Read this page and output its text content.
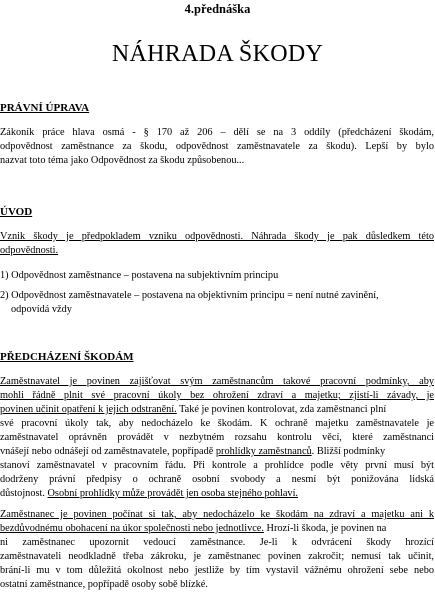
4.přednáška
NÁHRADA ŠKODY
PRÁVNÍ ÚPRAVA
Zákoník práce hlava osmá - § 170 až 206 – dělí se na 3 oddíly (předcházení škodám,
odpovědnost zaměstnance za škodu, odpovědnost zaměstnavatele za škodu). Lepší by bylo
nazvat toto téma jako Odpovědnost za škodu způsobenou...
ÚVOD
Vznik škody je předpokladem vzniku odpovědnosti. Náhrada škody je pak důsledkem této
odpovědnosti.
1) Odpovědnost zaměstnance – postavena na subjektivním principu
2) Odpovědnost zaměstnavatele – postavena na objektivním principu = není nutné zavinění,
odpovídá vždy
PŘEDCHÁZENÍ ŠKODÁM
Zaměstnavatel je povinen zajišťovat svým zaměstnancům takové pracovní podmínky, aby
mohli řádně plnit své pracovní úkoly bez ohrožení zdraví a majetku; zjistí-li závady, je
povinen učinit opatření k jejich odstranění. Také je povinen kontrolovat, zda zaměstnanci plní
své pracovní úkoly tak, aby nedocházelo ke škodám. K ochraně majetku zaměstnavatele je
zaměstnavatel oprávněn provádět v nezbytném rozsahu kontrolu věcí, které zaměstnanci
vnášejí nebo odnášejí od zaměstnavatele, popřípadě prohlídky zaměstnanců. Bližší podmínky
stanoví zaměstnavatel v pracovním řádu. Při kontrole a prohlídce podle věty první musí být
dodrženy právní předpisy o ochraně osobní svobody a nesmí být ponižována lidská
důstojnost. Osobní prohlídky může provádět jen osoba stejného pohlaví.
Zaměstnanec je povinen počínat si tak, aby nedocházelo ke škodám na zdraví a majetku ani k
bezdůvodnému obohacení na úkor společnosti nebo jednotlivce. Hrozí-li škoda, je povinen na
ni zaměstnanec upozornit vedoucí zaměstnance. Je-li k odvrácení škody hrozící
zaměstnavateli neodkladně třeba zákroku, je zaměstnanec povinen zakročit; nemusí tak učinit,
brání-li mu v tom důležitá okolnost nebo jestliže by tím vystavil vážnému ohrožení sebe nebo
ostatní zaměstnance, popřípadě osoby sobě blízké.
